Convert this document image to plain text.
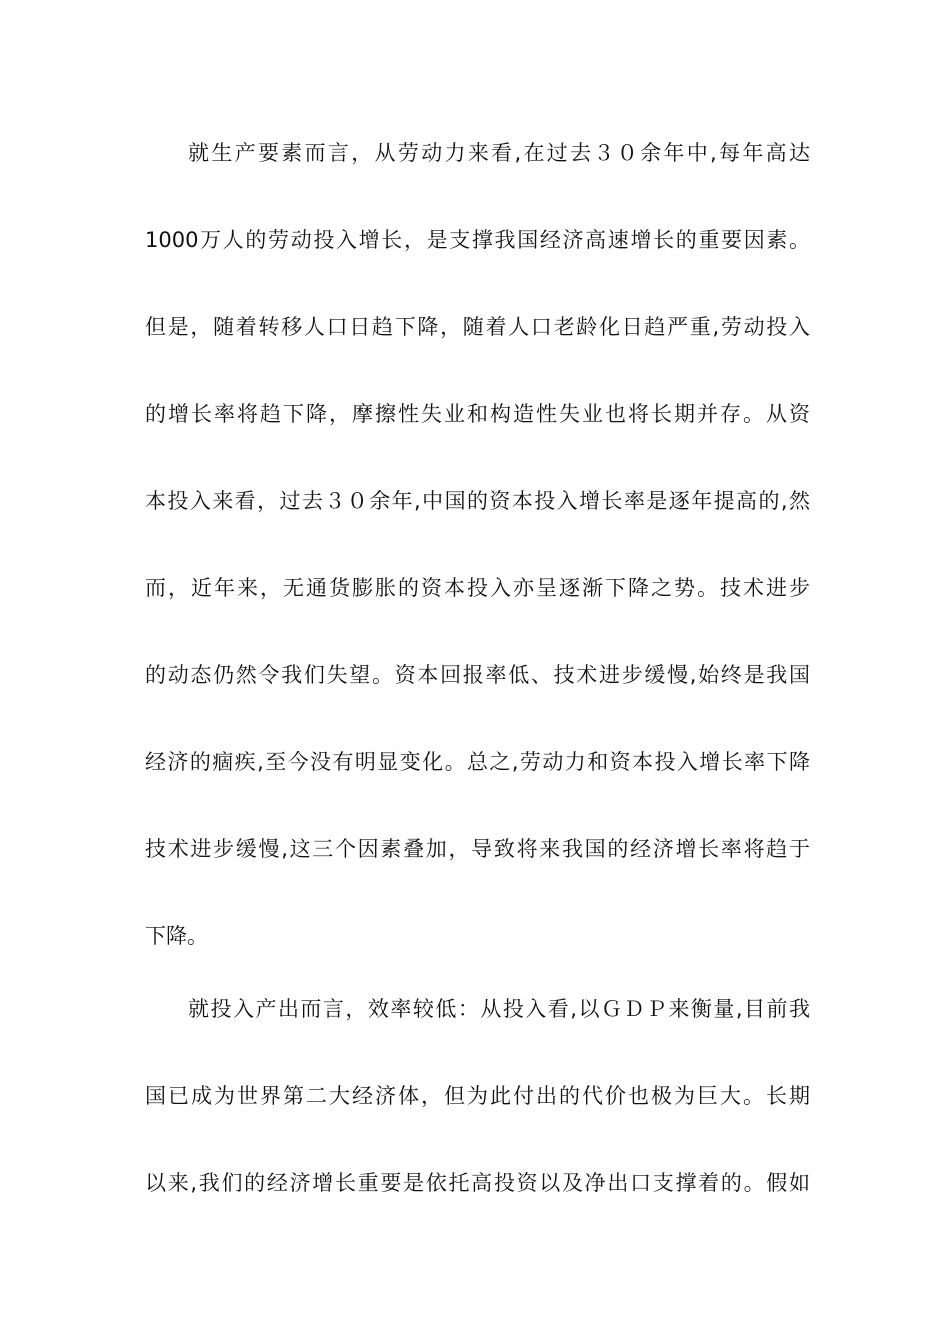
就生产要素而言，从劳动力来看,在过去３０余年中,每年高达
1000万人的劳动投入增长，是支撑我国经济高速增长的重要因素。
但是，随着转移人口日趋下降，随着人口老龄化日趋严重,劳动投入
的增长率将趋下降，摩擦性失业和构造性失业也将长期并存。从资
本投入来看，过去３０余年,中国的资本投入增长率是逐年提高的,然
而，近年来，无通货膨胀的资本投入亦呈逐渐下降之势。技术进步
的动态仍然令我们失望。资本回报率低、技术进步缓慢,始终是我国
经济的痼疾,至今没有明显变化。总之,劳动力和资本投入增长率下降
技术进步缓慢,这三个因素叠加，导致将来我国的经济增长率将趋于
下降。
就投入产出而言，效率较低：从投入看,以ＧＤＰ来衡量,目前我
国已成为世界第二大经济体，但为此付出的代价也极为巨大。长期
以来,我们的经济增长重要是依托高投资以及净出口支撑着的。假如
